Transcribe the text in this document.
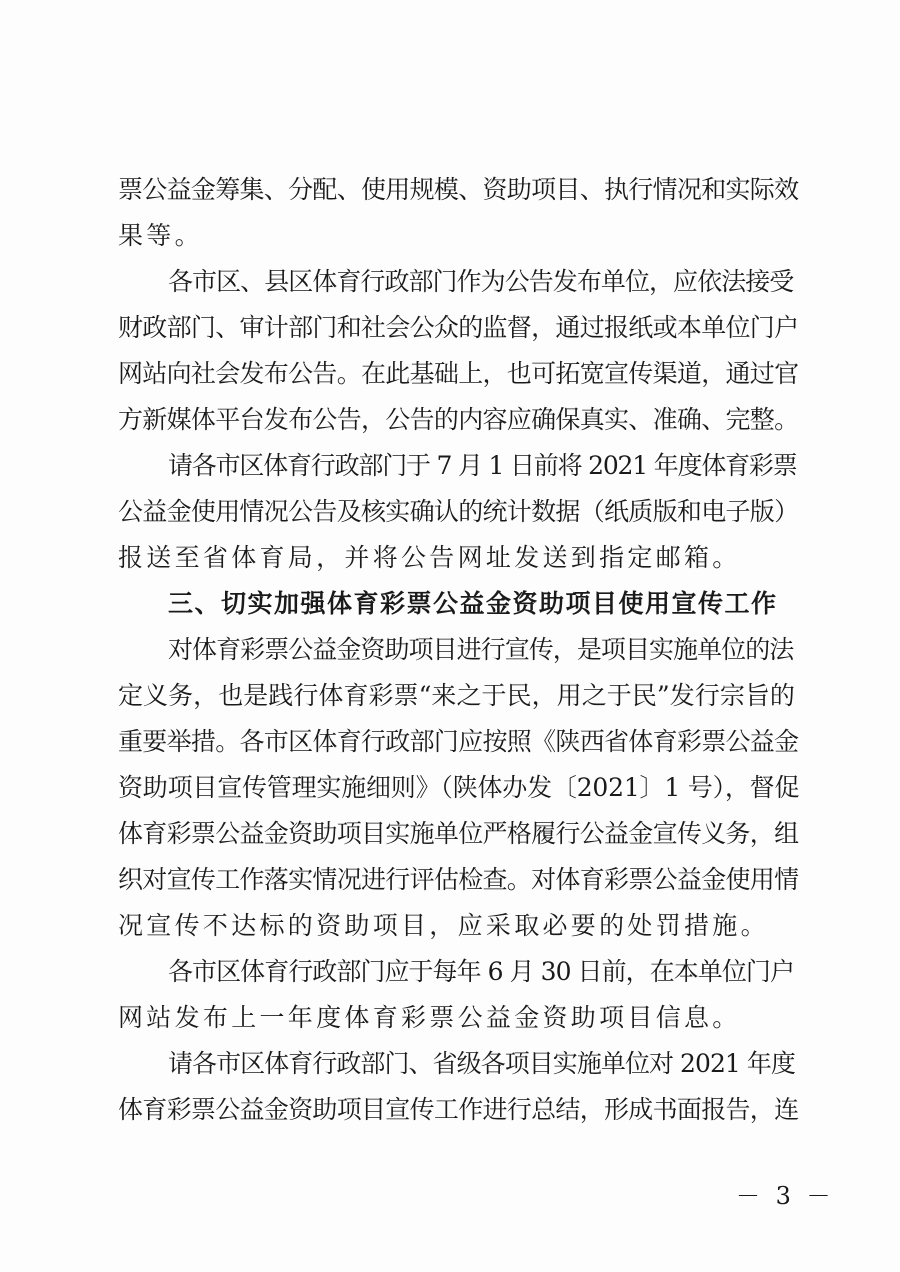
票公益金筹集、分配、使用规模、资助项目、执行情况和实际效
果等。
各市区、县区体育行政部门作为公告发布单位，应依法接受
财政部门、审计部门和社会公众的监督，通过报纸或本单位门户
网站向社会发布公告。在此基础上，也可拓宽宣传渠道，通过官
方新媒体平台发布公告，公告的内容应确保真实、准确、完整。
请各市区体育行政部门于 7 月 1 日前将 2021 年度体育彩票
公益金使用情况公告及核实确认的统计数据（纸质版和电子版）
报送至省体育局，并将公告网址发送到指定邮箱。
三、切实加强体育彩票公益金资助项目使用宣传工作
对体育彩票公益金资助项目进行宣传，是项目实施单位的法
定义务，也是践行体育彩票“来之于民，用之于民”发行宗旨的
重要举措。各市区体育行政部门应按照《陕西省体育彩票公益金
资助项目宣传管理实施细则》（陕体办发〔2021〕1 号），督促
体育彩票公益金资助项目实施单位严格履行公益金宣传义务，组
织对宣传工作落实情况进行评估检查。对体育彩票公益金使用情
况宣传不达标的资助项目，应采取必要的处罚措施。
各市区体育行政部门应于每年 6 月 30 日前，在本单位门户
网站发布上一年度体育彩票公益金资助项目信息。
请各市区体育行政部门、省级各项目实施单位对 2021 年度
体育彩票公益金资助项目宣传工作进行总结，形成书面报告，连
－ 3 －
